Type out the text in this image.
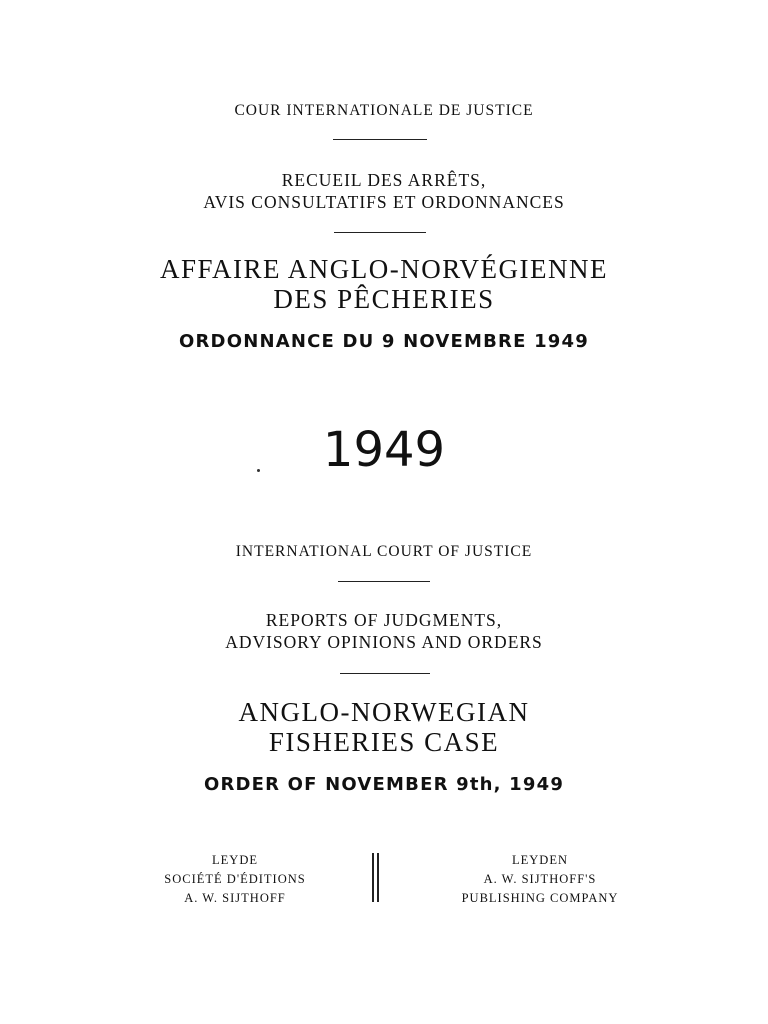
COUR INTERNATIONALE DE JUSTICE
RECUEIL DES ARRÊTS,
AVIS CONSULTATIFS ET ORDONNANCES
AFFAIRE ANGLO-NORVÉGIENNE
DES PÊCHERIES
ORDONNANCE DU 9 NOVEMBRE 1949
1949
INTERNATIONAL COURT OF JUSTICE
REPORTS OF JUDGMENTS,
ADVISORY OPINIONS AND ORDERS
ANGLO-NORWEGIAN
FISHERIES CASE
ORDER OF NOVEMBER 9th, 1949
LEYDE
SOCIÉTÉ D'ÉDITIONS
A. W. SIJTHOFF
LEYDEN
A. W. SIJTHOFF'S
PUBLISHING COMPANY
